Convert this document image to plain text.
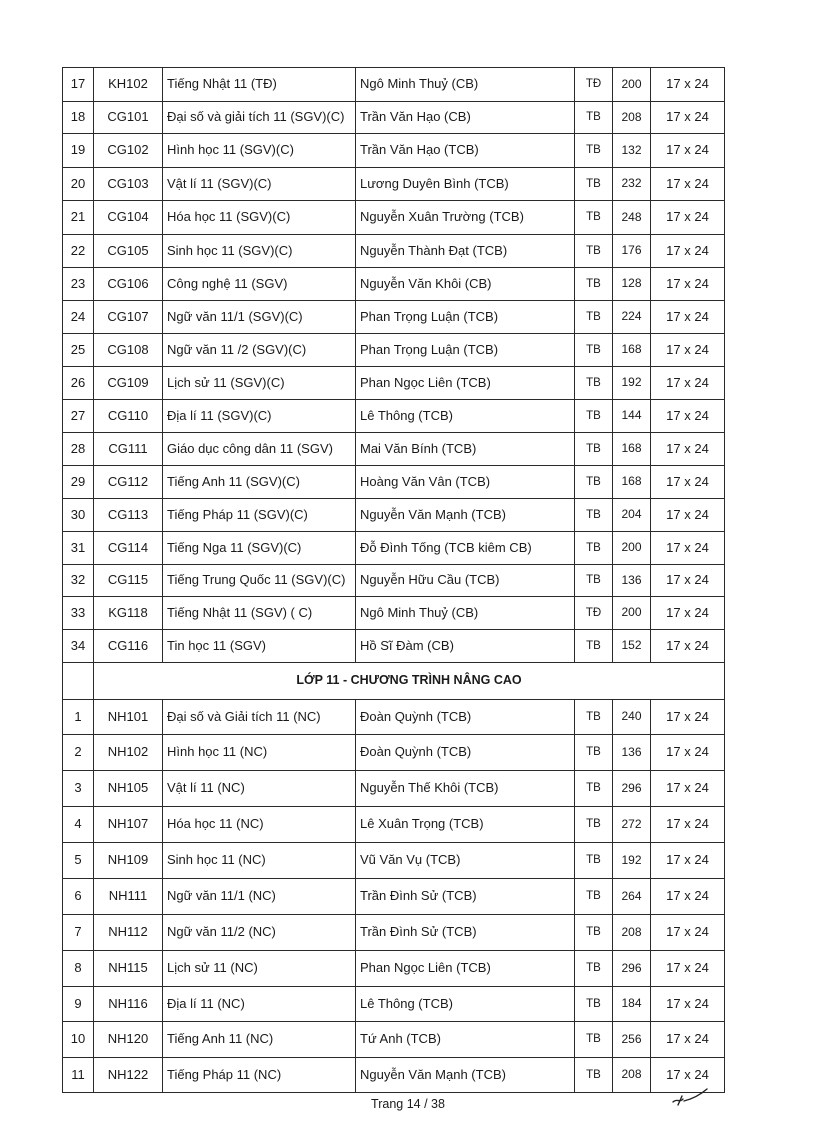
17	KH102	Tiếng Nhật 11 (TĐ)	Ngô Minh Thuỷ (CB)	TĐ	200	17 x 24
18	CG101	Đại số và giải tích 11 (SGV)(C)	Trần Văn Hạo (CB)	TB	208	17 x 24
19	CG102	Hình học 11 (SGV)(C)	Trần Văn Hạo (TCB)	TB	132	17 x 24
20	CG103	Vật lí 11 (SGV)(C)	Lương Duyên Bình (TCB)	TB	232	17 x 24
21	CG104	Hóa học 11 (SGV)(C)	Nguyễn Xuân Trường (TCB)	TB	248	17 x 24
22	CG105	Sinh học 11 (SGV)(C)	Nguyễn Thành Đạt (TCB)	TB	176	17 x 24
23	CG106	Công nghệ 11 (SGV)	Nguyễn Văn Khôi (CB)	TB	128	17 x 24
24	CG107	Ngữ văn 11/1 (SGV)(C)	Phan Trọng Luận (TCB)	TB	224	17 x 24
25	CG108	Ngữ văn 11 /2 (SGV)(C)	Phan Trọng Luận (TCB)	TB	168	17 x 24
26	CG109	Lịch sử 11 (SGV)(C)	Phan Ngọc Liên (TCB)	TB	192	17 x 24
27	CG110	Địa lí 11 (SGV)(C)	Lê Thông (TCB)	TB	144	17 x 24
28	CG111	Giáo dục công dân 11 (SGV)	Mai Văn Bính (TCB)	TB	168	17 x 24
29	CG112	Tiếng Anh 11 (SGV)(C)	Hoàng Văn Vân (TCB)	TB	168	17 x 24
30	CG113	Tiếng Pháp 11 (SGV)(C)	Nguyễn Văn Mạnh (TCB)	TB	204	17 x 24
31	CG114	Tiếng Nga 11 (SGV)(C)	Đỗ Đình Tống (TCB kiêm CB)	TB	200	17 x 24
32	CG115	Tiếng Trung Quốc 11 (SGV)(C)	Nguyễn Hữu Cầu (TCB)	TB	136	17 x 24
33	KG118	Tiếng Nhật 11 (SGV) ( C)	Ngô Minh Thuỷ (CB)	TĐ	200	17 x 24
34	CG116	Tin học 11 (SGV)	Hồ Sĩ Đàm (CB)	TB	152	17 x 24
	LỚP 11 - CHƯƠNG TRÌNH NÂNG CAO					
1	NH101	Đại số và Giải tích 11 (NC)	Đoàn Quỳnh (TCB)	TB	240	17 x 24
2	NH102	Hình học 11 (NC)	Đoàn Quỳnh (TCB)	TB	136	17 x 24
3	NH105	Vật lí 11 (NC)	Nguyễn Thế Khôi (TCB)	TB	296	17 x 24
4	NH107	Hóa học 11 (NC)	Lê Xuân Trọng (TCB)	TB	272	17 x 24
5	NH109	Sinh học 11 (NC)	Vũ Văn Vụ (TCB)	TB	192	17 x 24
6	NH111	Ngữ văn 11/1 (NC)	Trần Đình Sử (TCB)	TB	264	17 x 24
7	NH112	Ngữ văn 11/2 (NC)	Trần Đình Sử (TCB)	TB	208	17 x 24
8	NH115	Lịch sử 11 (NC)	Phan Ngọc Liên (TCB)	TB	296	17 x 24
9	NH116	Địa lí 11 (NC)	Lê Thông (TCB)	TB	184	17 x 24
10	NH120	Tiếng Anh 11 (NC)	Tứ Anh (TCB)	TB	256	17 x 24
11	NH122	Tiếng Pháp 11 (NC)	Nguyễn Văn Mạnh (TCB)	TB	208	17 x 24
Trang 14 / 38
